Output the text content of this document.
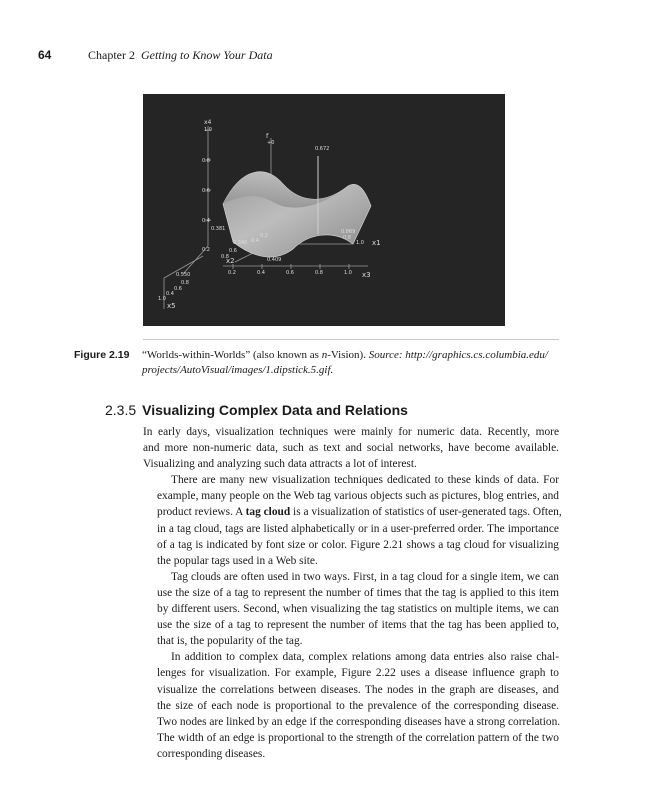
64	Chapter 2 Getting to Know Your Data
x4
1.0
0.8
0.6
0.4
0.2
f
+0
0.672
0.381	0.869
0.8
1.0 x1
0.340
0.2
0.4
0.6
0.8
x2	0.409
0.2	0.4	0.6	0.8	1.0 x3
0.550
0.8
0.6
0.4
1.0
x5
Figure 2.19 “Worlds-within-Worlds” (also known as n-Vision). Source: http://graphics.cs.columbia.edu/
projects/AutoVisual/images/1.dipstick.5.gif.
2.3.5 Visualizing Complex Data and Relations
In early days, visualization techniques were mainly for numeric data. Recently, more
and more non-numeric data, such as text and social networks, have become available.
Visualizing and analyzing such data attracts a lot of interest.
There are many new visualization techniques dedicated to these kinds of data. For
example, many people on the Web tag various objects such as pictures, blog entries, and
product reviews. A tag cloud is a visualization of statistics of user-generated tags. Often,
in a tag cloud, tags are listed alphabetically or in a user-preferred order. The importance
of a tag is indicated by font size or color. Figure 2.21 shows a tag cloud for visualizing
the popular tags used in a Web site.
Tag clouds are often used in two ways. First, in a tag cloud for a single item, we can
use the size of a tag to represent the number of times that the tag is applied to this item
by different users. Second, when visualizing the tag statistics on multiple items, we can
use the size of a tag to represent the number of items that the tag has been applied to,
that is, the popularity of the tag.
In addition to complex data, complex relations among data entries also raise chal-
lenges for visualization. For example, Figure 2.22 uses a disease influence graph to
visualize the correlations between diseases. The nodes in the graph are diseases, and
the size of each node is proportional to the prevalence of the corresponding disease.
Two nodes are linked by an edge if the corresponding diseases have a strong correlation.
The width of an edge is proportional to the strength of the correlation pattern of the two
corresponding diseases.
